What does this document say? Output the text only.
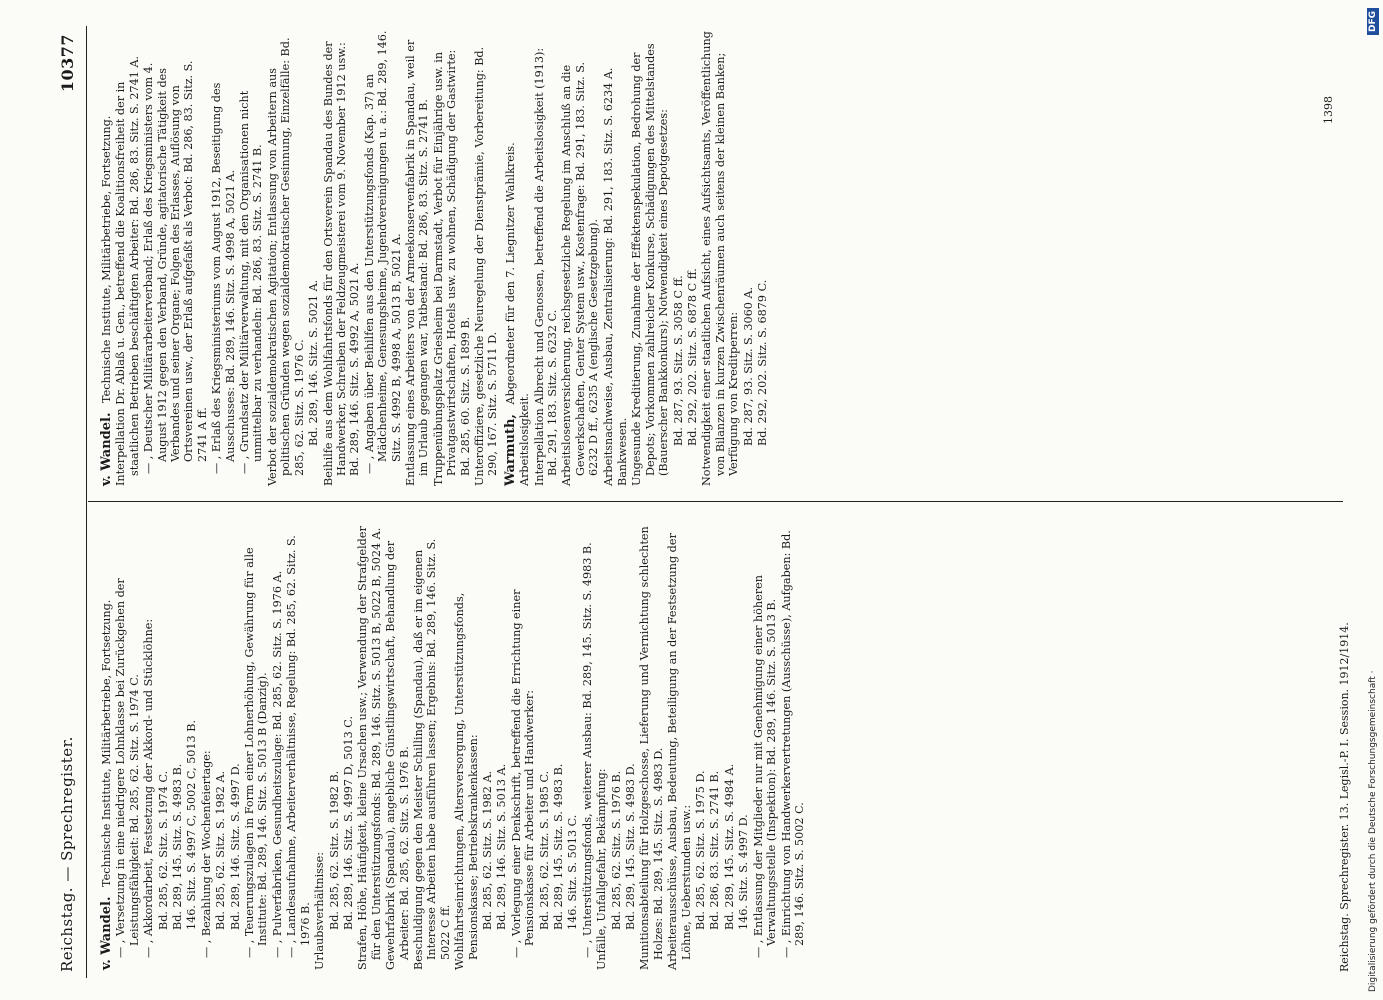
Reichstag. — Sprechregister.
10377
v. Wandel. Technische Institute, Militärbetriebe, Fortsetzung. — , Versetzung in eine niedrigere Lohnklasse bei Zurückgehen der Leistungsfähigkeit: Bd. 285, 62. Sitz. S. 1974 C. — , Akkordarbeit, Festsetzung der Akkord- und Stücklöhne: Bd. 285, 62. Sitz. S. 1974 C. Bd. 289, 145. Sitz. S. 4983 B. 146. Sitz. S. 4997 C, 5002 C, 5013 B. — , Bezahlung der Wochenfeiertage: Bd. 285, 62. Sitz. S. 1982 A. Bd. 289, 146. Sitz. S. 4997 D. — , Teuerungszulagen in Form einer Lohnerhöhung, Gewährung für alle Institute: Bd. 289, 146. Sitz. S. 5013 B (Danzig). — , Pulverfabriken, Gesundheitszulage: Bd. 285, 62. Sitz. S. 1976 A. — , Landesaufnahme, Arbeiterverhältnisse, Regelung: Bd. 285, 62. Sitz. S. 1976 B. Urlaubsverhältnisse: Bd. 285, 62. Sitz. S. 1982 B. Bd. 289, 146. Sitz. S. 4997 D, 5013 C. Strafen, Höhe, Häufigkeit, kleine Ursachen usw.; Verwendung der Strafgelder für den Unterstützungsfonds: Bd. 289, 146. Sitz. S. 5013 B, 5022 B, 5024 A. Gewehrfabrik (Spandau), angebliche Günstlingswirtschaft, Behandlung der Arbeiter: Bd. 285, 62. Sitz. S. 1976 B. Beschuldigung gegen den Meister Schilling (Spandau), daß er im eigenen Interesse Arbeiten habe ausführen lassen; Ergebnis: Bd. 289, 146. Sitz. S. 5022 C ff. Wohlfahrtseinrichtungen, Altersversorgung, Unterstützungsfonds, Pensionskasse; Betriebskrankenkassen: Bd. 285, 62. Sitz. S. 1982 A. Bd. 289, 146. Sitz. S. 5013 A. — , Vorlegung einer Denkschrift, betreffend die Errichtung einer Pensionskasse für Arbeiter und Handwerker: Bd. 285, 62. Sitz. S. 1985 C. Bd. 289, 145. Sitz. S. 4983 B. 146. Sitz. S. 5013 C. — , Unterstützungsfonds, weiterer Ausbau: Bd. 289, 145. Sitz. S. 4983 B. Unfälle, Unfallgefahr, Bekämpfung: Bd. 285, 62. Sitz. S. 1976 B. Bd. 289, 145. Sitz. S. 4983 D. Munitionsabteilung für Holzgeschosse, Lieferung und Vernichtung schlechten Holzes: Bd. 289, 145. Sitz. S. 4983 D. Arbeiterausschüsse, Ausbau, Bedeutung, Beteiligung an der Festsetzung der Löhne, Ueberstunden usw.: Bd. 285, 62. Sitz. S. 1975 D. Bd. 286, 83. Sitz. S. 2741 B. Bd. 289, 145. Sitz. S. 4984 A. 146. Sitz. S. 4997 D. — , Entlassung der Mitglieder nur mit Genehmigung einer höheren Verwaltungsstelle (Inspektion): Bd. 289, 146. Sitz. S. 5013 B. — , Einrichtung von Handwerkervertretungen (Ausschüsse), Aufgaben: Bd. 289, 146. Sitz. S. 5002 C.
v. Wandel. Technische Institute, Militärbetriebe, Fortsetzung. Interpellation Dr. Ablaß u. Gen., betreffend die Koalitionsfreiheit der in staatlichen Betrieben beschäftigten Arbeiter: Bd. 286, 83. Sitz. S. 2741 A. — , Deutscher Militärarbeiterverband; Erlaß des Kriegsministers vom 4. August 1912 gegen den Verband, Gründe, agitatorische Tätigkeit des Verbandes und seiner Organe; Folgen des Erlasses, Auflösung von Ortsvereinen usw., der Erlaß aufgefaßt als Verbot: Bd. 286, 83. Sitz. S. 2741 A ff. — , Erlaß des Kriegsministeriums vom August 1912, Beseitigung des Ausschusses: Bd. 289, 146. Sitz. S. 4998 A, 5021 A. — , Grundsatz der Militärverwaltung, mit den Organisationen nicht unmittelbar zu verhandeln: Bd. 286, 83. Sitz. S. 2741 B. Verbot der sozialdemokratischen Agitation; Entlassung von Arbeitern aus politischen Gründen wegen sozialdemokratischer Gesinnung, Einzelfälle: Bd. 285, 62. Sitz. S. 1976 C. Bd. 289, 146. Sitz. S. 5021 A. Beihilfe aus dem Wohlfahrtsfonds für den Ortsverein Spandau des Bundes der Handwerker, Schreiben der Feldzeugmeisterei vom 9. November 1912 usw.: Bd. 289, 146. Sitz. S. 4992 A, 5021 A. — , Angaben über Beihilfen aus den Unterstützungsfonds (Kap. 37) an Mädchenheime, Genesungsheime, Jugendvereinigungen u. a.: Bd. 289, 146. Sitz. S. 4992 B, 4998 A, 5013 B, 5021 A. Entlassung eines Arbeiters von der Armeekonservenfabrik in Spandau, weil er im Urlaub gegangen war, Tatbestand: Bd. 286, 83. Sitz. S. 2741 B. Truppenübungsplatz Griesheim bei Darmstadt, Verbot für Einjährige usw. in Privatgastwirtschaften, Hotels usw. zu wohnen, Schädigung der Gastwirte: Bd. 285, 60. Sitz. S. 1899 B. Unteroffiziere, gesetzliche Neuregelung der Dienstprämie, Vorbereitung: Bd. 290, 167. Sitz. S. 5711 D. Warmuth, Abgeordneter für den 7. Liegnitzer Wahlkreis.
Arbeitslosigkeit. Interpellation Albrecht und Genossen, betreffend die Arbeitslosigkeit (1913): Bd. 291, 183. Sitz. S. 6232 C. Arbeitslosenversicherung, reichsgesetzliche Regelung im Anschluß an die Gewerkschaften, Genter System usw., Kostenfrage: Bd. 291, 183. Sitz. S. 6232 D ff., 6235 A (englische Gesetzgebung). Arbeitsnachweise, Ausbau, Zentralisierung: Bd. 291, 183. Sitz. S. 6234 A. Bankwesen. Ungesunde Kreditierung, Zunahme der Effektenspekulation, Bedrohung der Depots; Vorkommen zahlreicher Konkurse, Schädigungen des Mittelstandes (Bauerscher Bankkonkurs); Notwendigkeit eines Depotgesetzes: Bd. 287, 93. Sitz. S. 3058 C ff. Bd. 292, 202. Sitz. S. 6878 C ff. Notwendigkeit einer staatlichen Aufsicht, eines Aufsichtsamts, Veröffentlichung von Bilanzen in kurzen Zwischenräumen auch seitens der kleinen Banken; Verfügung von Kreditperren: Bd. 287, 93. Sitz. S. 3060 A. Bd. 292, 202. Sitz. S. 6879 C.
Reichstag. Sprechregister. 13. Legisl.-P. I. Session. 1912/1914.
1398
Digitalisierung gefördert durch die Deutsche Forschungsgemeinschaft ·
DFG
